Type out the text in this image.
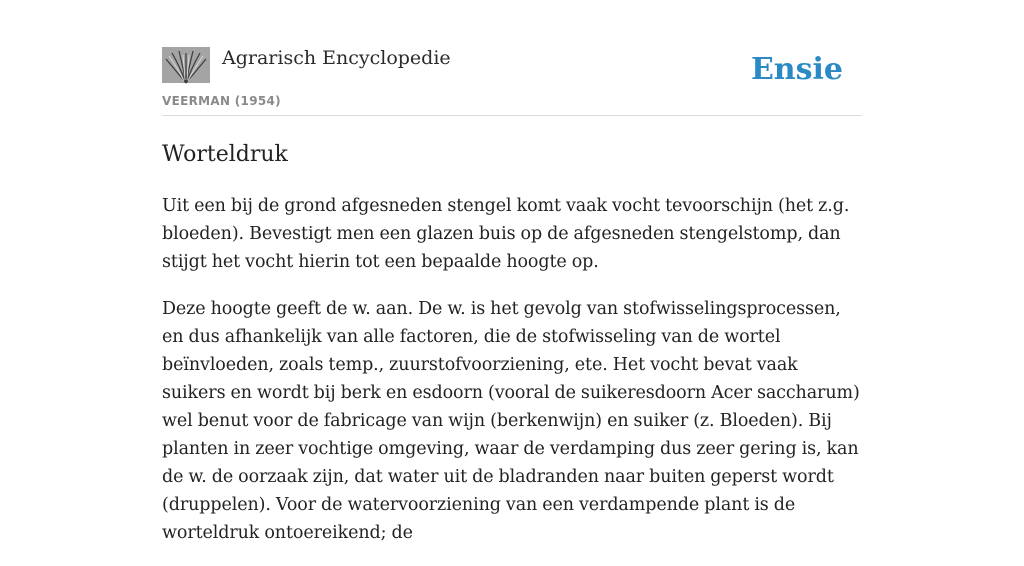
Agrarisch Encyclopedie
VEERMAN (1954)
Ensie
Worteldruk

Uit een bij de grond afgesneden stengel komt vaak vocht tevoorschijn (het z.g. bloeden). Bevestigt men een glazen buis op de afgesneden stengelstomp, dan stijgt het vocht hierin tot een bepaalde hoogte op.

Deze hoogte geeft de w. aan. De w. is het gevolg van stofwisselingsprocessen, en dus afhankelijk van alle factoren, die de stofwisseling van de wortel beïnvloeden, zoals temp., zuurstofvoorziening, ete. Het vocht bevat vaak suikers en wordt bij berk en esdoorn (vooral de suikeresdoorn Acer saccharum) wel benut voor de fabricage van wijn (berkenwijn) en suiker (z. Bloeden). Bij planten in zeer vochtige omgeving, waar de verdamping dus zeer gering is, kan de w. de oorzaak zijn, dat water uit de bladranden naar buiten geperst wordt (druppelen). Voor de watervoorziening van een verdampende plant is de worteldruk ontoereikend; de
